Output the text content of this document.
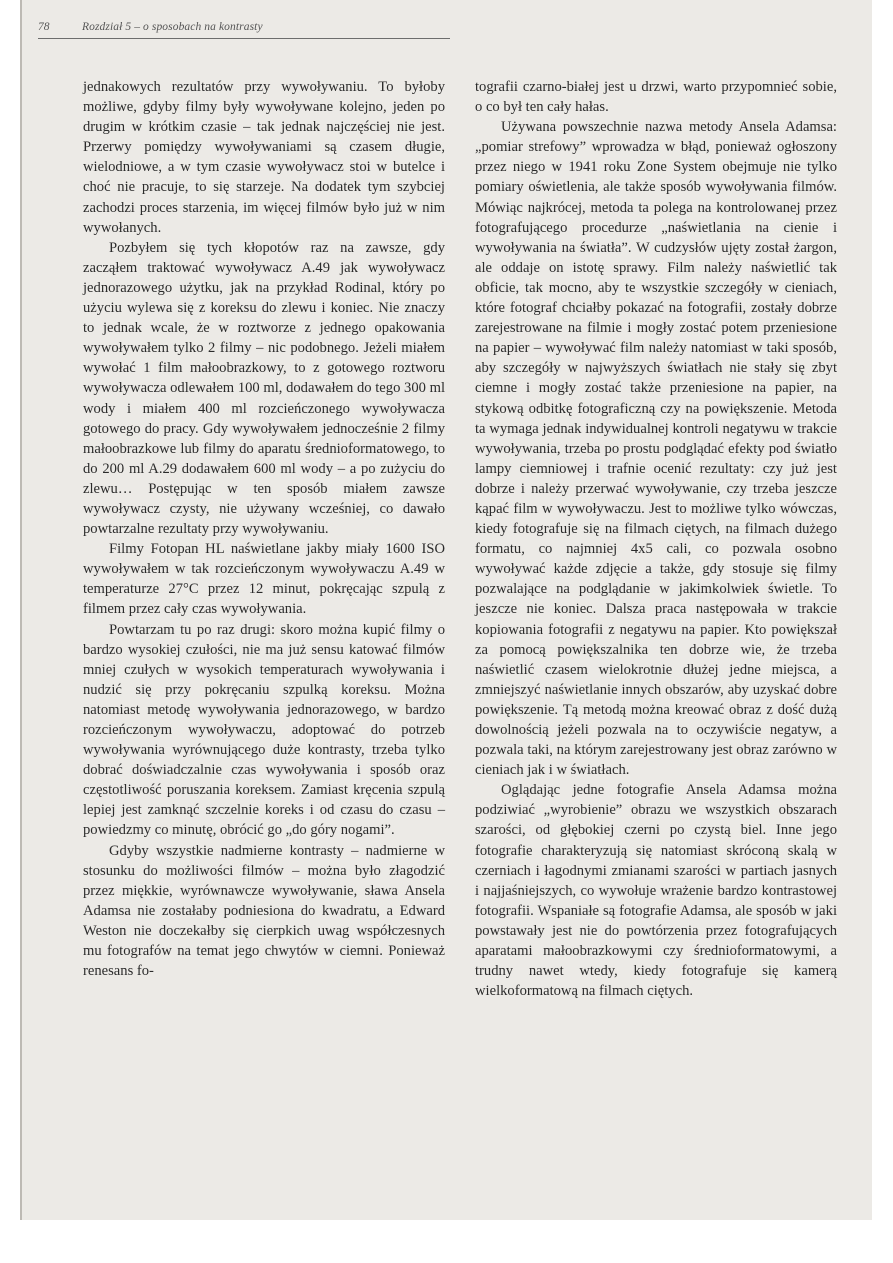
78	Rozdział 5 – o sposobach na kontrasty

jednakowych rezultatów przy wywoływaniu. To byłoby możliwe, gdyby filmy były wywoływane kolejno, jeden po drugim w krótkim czasie – tak jednak najczęściej nie jest. Przerwy pomiędzy wywoływaniami są czasem długie, wielodniowe, a w tym czasie wywoływacz stoi w butelce i choć nie pracuje, to się starzeje. Na dodatek tym szybciej zachodzi proces starzenia, im więcej filmów było już w nim wywołanych.

Pozbyłem się tych kłopotów raz na zawsze, gdy zacząłem traktować wywoływacz A.49 jak wywoływacz jednorazowego użytku, jak na przykład Rodinal, który po użyciu wylewa się z koreksu do zlewu i koniec. Nie znaczy to jednak wcale, że w roztworze z jednego opakowania wywoływałem tylko 2 filmy – nic podobnego. Jeżeli miałem wywołać 1 film małoobrazkowy, to z gotowego roztworu wywoływacza odlewałem 100 ml, dodawałem do tego 300 ml wody i miałem 400 ml rozcieńczonego wywoływacza gotowego do pracy. Gdy wywoływałem jednocześnie 2 filmy małoobrazkowe lub filmy do aparatu średnioformatowego, to do 200 ml A.29 dodawałem 600 ml wody – a po zużyciu do zlewu… Postępując w ten sposób miałem zawsze wywoływacz czysty, nie używany wcześniej, co dawało powtarzalne rezultaty przy wywoływaniu.

Filmy Fotopan HL naświetlane jakby miały 1600 ISO wywoływałem w tak rozcieńczonym wywoływaczu A.49 w temperaturze 27°C przez 12 minut, pokręcając szpulą z filmem przez cały czas wywoływania.

Powtarzam tu po raz drugi: skoro można kupić filmy o bardzo wysokiej czułości, nie ma już sensu katować filmów mniej czułych w wysokich temperaturach wywoływania i nudzić się przy pokręcaniu szpulką koreksu. Można natomiast metodę wywoływania jednorazowego, w bardzo rozcieńczonym wywoływaczu, adoptować do potrzeb wywoływania wyrównującego duże kontrasty, trzeba tylko dobrać doświadczalnie czas wywoływania i sposób oraz częstotliwość poruszania koreksem. Zamiast kręcenia szpulą lepiej jest zamknąć szczelnie koreks i od czasu do czasu – powiedzmy co minutę, obrócić go „do góry nogami”.

Gdyby wszystkie nadmierne kontrasty – nadmierne w stosunku do możliwości filmów – można było złagodzić przez miękkie, wyrównawcze wywoływanie, sława Ansela Adamsa nie zostałaby podniesiona do kwadratu, a Edward Weston nie doczekałby się cierpkich uwag współczesnych mu fotografów na temat jego chwytów w ciemni. Ponieważ renesans fo-

tografii czarno-białej jest u drzwi, warto przypomnieć sobie, o co był ten cały hałas.

Używana powszechnie nazwa metody Ansela Adamsa: „pomiar strefowy” wprowadza w błąd, ponieważ ogłoszony przez niego w 1941 roku Zone System obejmuje nie tylko pomiary oświetlenia, ale także sposób wywoływania filmów. Mówiąc najkrócej, metoda ta polega na kontrolowanej przez fotografującego procedurze „naświetlania na cienie i wywoływania na światła”. W cudzysłów ujęty został żargon, ale oddaje on istotę sprawy. Film należy naświetlić tak obficie, tak mocno, aby te wszystkie szczegóły w cieniach, które fotograf chciałby pokazać na fotografii, zostały dobrze zarejestrowane na filmie i mogły zostać potem przeniesione na papier – wywoływać film należy natomiast w taki sposób, aby szczegóły w najwyższych światłach nie stały się zbyt ciemne i mogły zostać także przeniesione na papier, na stykową odbitkę fotograficzną czy na powiększenie. Metoda ta wymaga jednak indywidualnej kontroli negatywu w trakcie wywoływania, trzeba po prostu podglądać efekty pod światło lampy ciemniowej i trafnie ocenić rezultaty: czy już jest dobrze i należy przerwać wywoływanie, czy trzeba jeszcze kąpać film w wywoływaczu. Jest to możliwe tylko wówczas, kiedy fotografuje się na filmach ciętych, na filmach dużego formatu, co najmniej 4x5 cali, co pozwala osobno wywoływać każde zdjęcie a także, gdy stosuje się filmy pozwalające na podglądanie w jakimkolwiek świetle. To jeszcze nie koniec. Dalsza praca następowała w trakcie kopiowania fotografii z negatywu na papier. Kto powiększał za pomocą powiększalnika ten dobrze wie, że trzeba naświetlić czasem wielokrotnie dłużej jedne miejsca, a zmniejszyć naświetlanie innych obszarów, aby uzyskać dobre powiększenie. Tą metodą można kreować obraz z dość dużą dowolnością jeżeli pozwala na to oczywiście negatyw, a pozwala taki, na którym zarejestrowany jest obraz zarówno w cieniach jak i w światłach.

Oglądając jedne fotografie Ansela Adamsa można podziwiać „wyrobienie” obrazu we wszystkich obszarach szarości, od głębokiej czerni po czystą biel. Inne jego fotografie charakteryzują się natomiast skróconą skalą w czerniach i łagodnymi zmianami szarości w partiach jasnych i najjaśniejszych, co wywołuje wrażenie bardzo kontrastowej fotografii. Wspaniałe są fotografie Adamsa, ale sposób w jaki powstawały jest nie do powtórzenia przez fotografujących aparatami małoobrazkowymi czy średnioformatowymi, a trudny nawet wtedy, kiedy fotografuje się kamerą wielkoformatową na filmach ciętych.
